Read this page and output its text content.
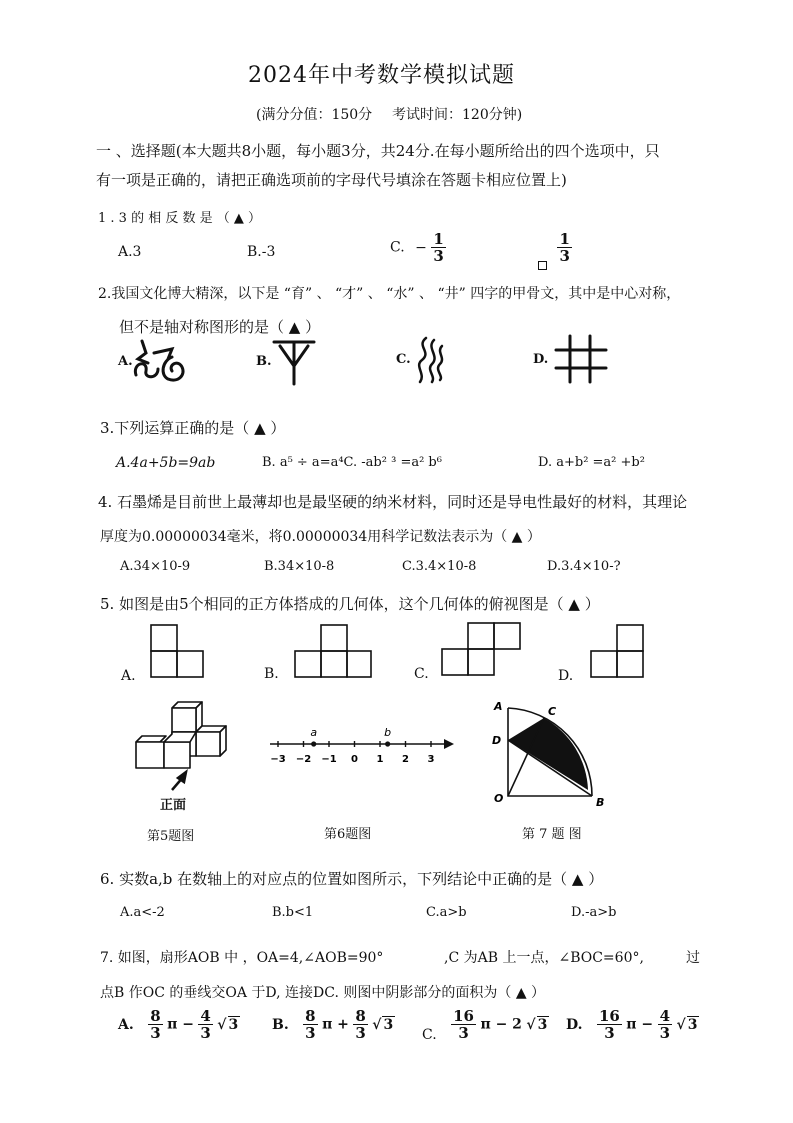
2024年中考数学模拟试题
(满分分值：150分 考试时间：120分钟)
一 、选择题(本大题共8小题，每小题3分，共24分.在每小题所给出的四个选项中，只
有一项是正确的，请把正确选项前的字母代号填涂在答题卡相应位置上)
1 . 3 的 相 反 数 是 （ ▲ ）
A.3	B.-3	C. − $\frac{1}{3}$
	$\frac{1}{3}$
2.我国文化博大精深，以下是 “育” 、 “才” 、 “水” 、 “井” 四字的甲骨文，其中是中心对称，
但不是轴对称图形的是（ ▲ ）
A.	B.	C.	D.
3.下列运算正确的是（ ▲ ）
A.4a+5b=9ab	B. a⁵ ÷ a=a⁴C. -ab² ³ =a² b⁶	D. a+b² =a² +b²
4. 石墨烯是目前世上最薄却也是最坚硬的纳米材料，同时还是导电性最好的材料，其理论
厚度为0.00000034毫米，将0.00000034用科学记数法表示为（ ▲ ）
A.34×10-9	B.34×10-8	C.3.4×10-8	D.3.4×10-?
5. 如图是由5个相同的正方体搭成的几何体，这个几何体的俯视图是（ ▲ ）
A.	B.	C.	D.
正面
第5题图
−3 −2 −1 0 1 2 3
a	b
第6题图
A	C
D
O	B
第 7 题 图
6. 实数a,b 在数轴上的对应点的位置如图所示，下列结论中正确的是（ ▲ ）
A.a<-2	B.b<1	C.a>b	D.-a>b
7. 如图，扇形AOB 中 ，OA=4,∠AOB=90°	,C 为AB 上一点，∠BOC=60°,	过
点B 作OC 的垂线交OA 于D, 连接DC. 则图中阴影部分的面积为（ ▲ ）
A. $\frac{8}{3}$ $\pi - \frac{4}{3}$ √ 3 B. $\frac{8}{3}$ $\pi + \frac{8}{3}$ √ 3
C. $\frac{16}{3}$ π − 2 √ 3 D. $\frac{16}{3}$ $\pi - \frac{4}{3}$ √ 3
